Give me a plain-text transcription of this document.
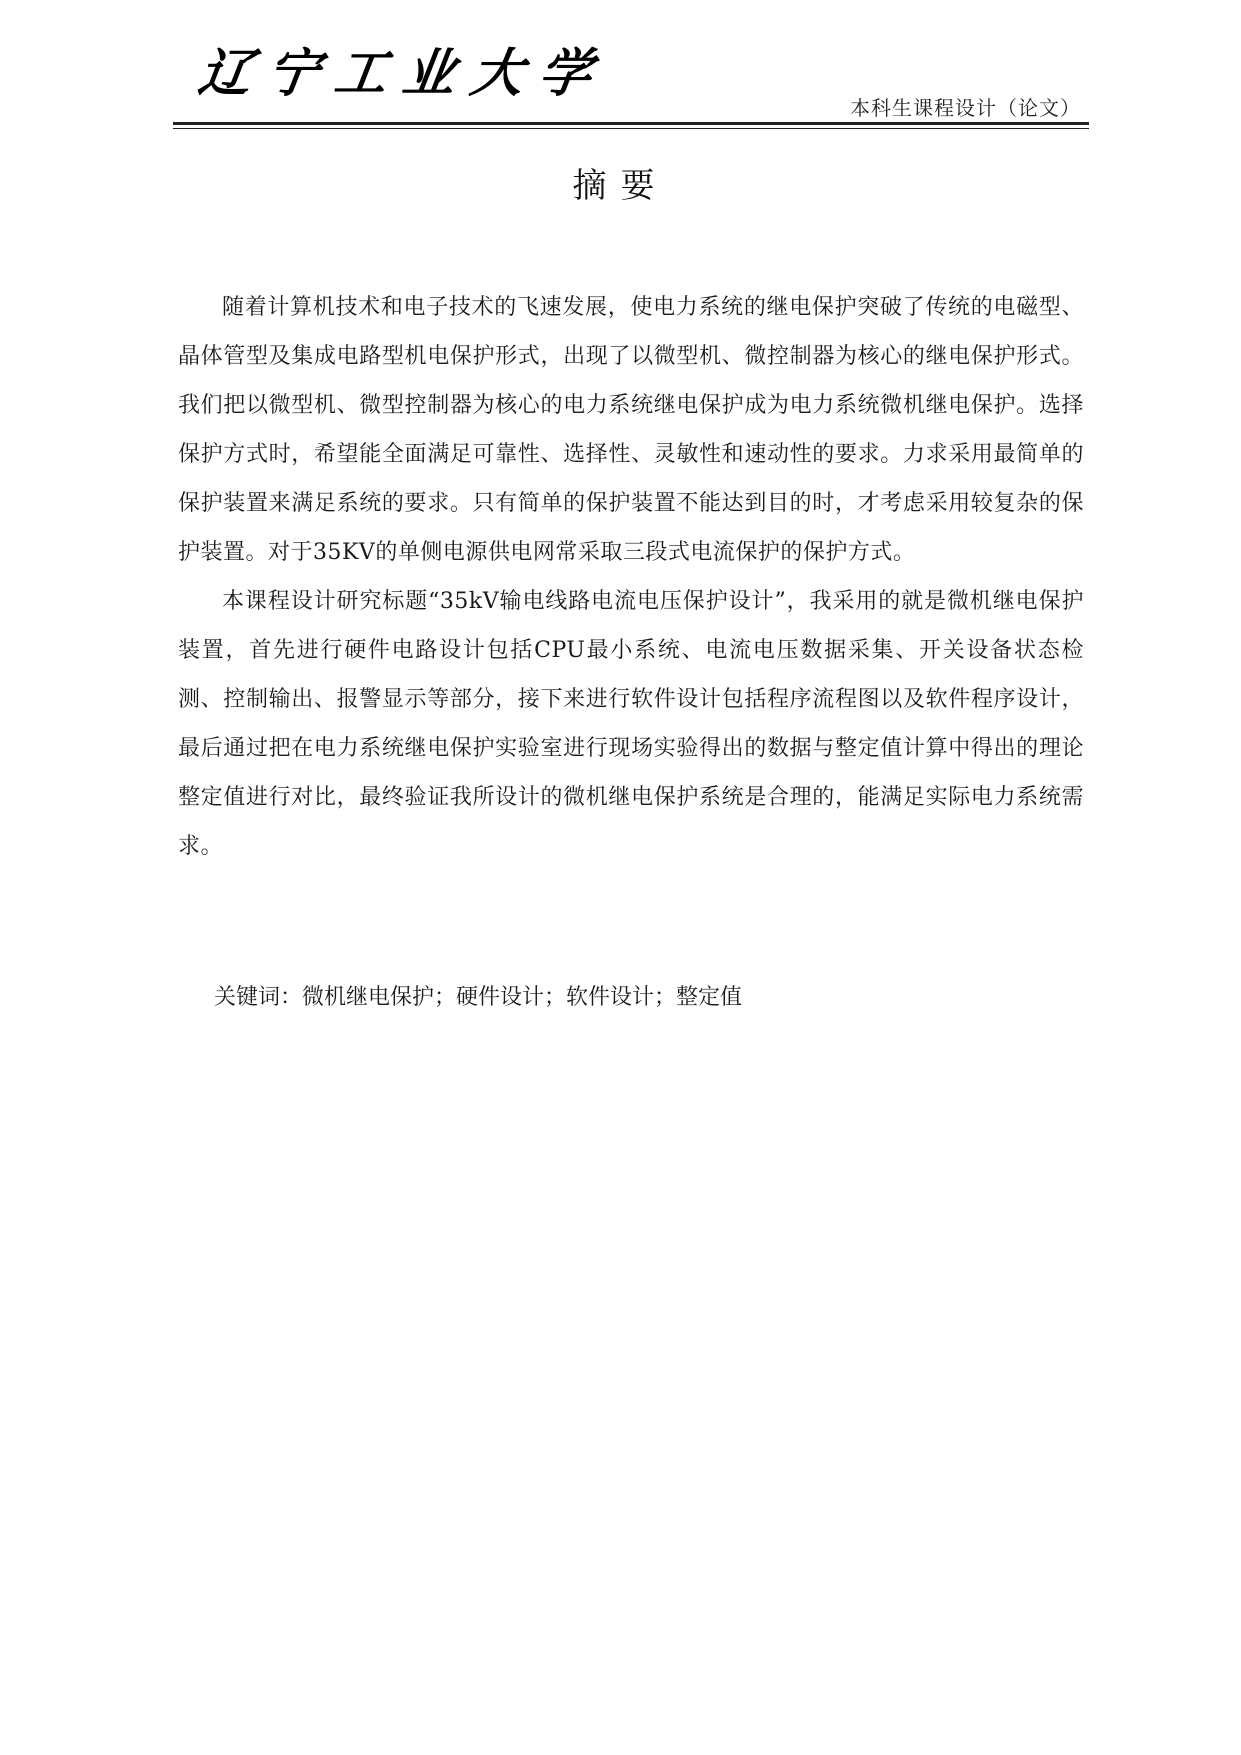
辽宁工业大学
本科生课程设计（论文）
摘要

随着计算机技术和电子技术的飞速发展，使电力系统的继电保护突破了传统的电磁型、晶体管型及集成电路型机电保护形式，出现了以微型机、微控制器为核心的继电保护形式。我们把以微型机、微型控制器为核心的电力系统继电保护成为电力系统微机继电保护。选择保护方式时，希望能全面满足可靠性、选择性、灵敏性和速动性的要求。力求采用最简单的保护装置来满足系统的要求。只有简单的保护装置不能达到目的时，才考虑采用较复杂的保护装置。对于35KV的单侧电源供电网常采取三段式电流保护的保护方式。

本课程设计研究标题“35kV输电线路电流电压保护设计”，我采用的就是微机继电保护装置，首先进行硬件电路设计包括CPU最小系统、电流电压数据采集、开关设备状态检测、控制输出、报警显示等部分，接下来进行软件设计包括程序流程图以及软件程序设计，最后通过把在电力系统继电保护实验室进行现场实验得出的数据与整定值计算中得出的理论整定值进行对比，最终验证我所设计的微机继电保护系统是合理的，能满足实际电力系统需求。

关键词：微机继电保护；硬件设计；软件设计；整定值
